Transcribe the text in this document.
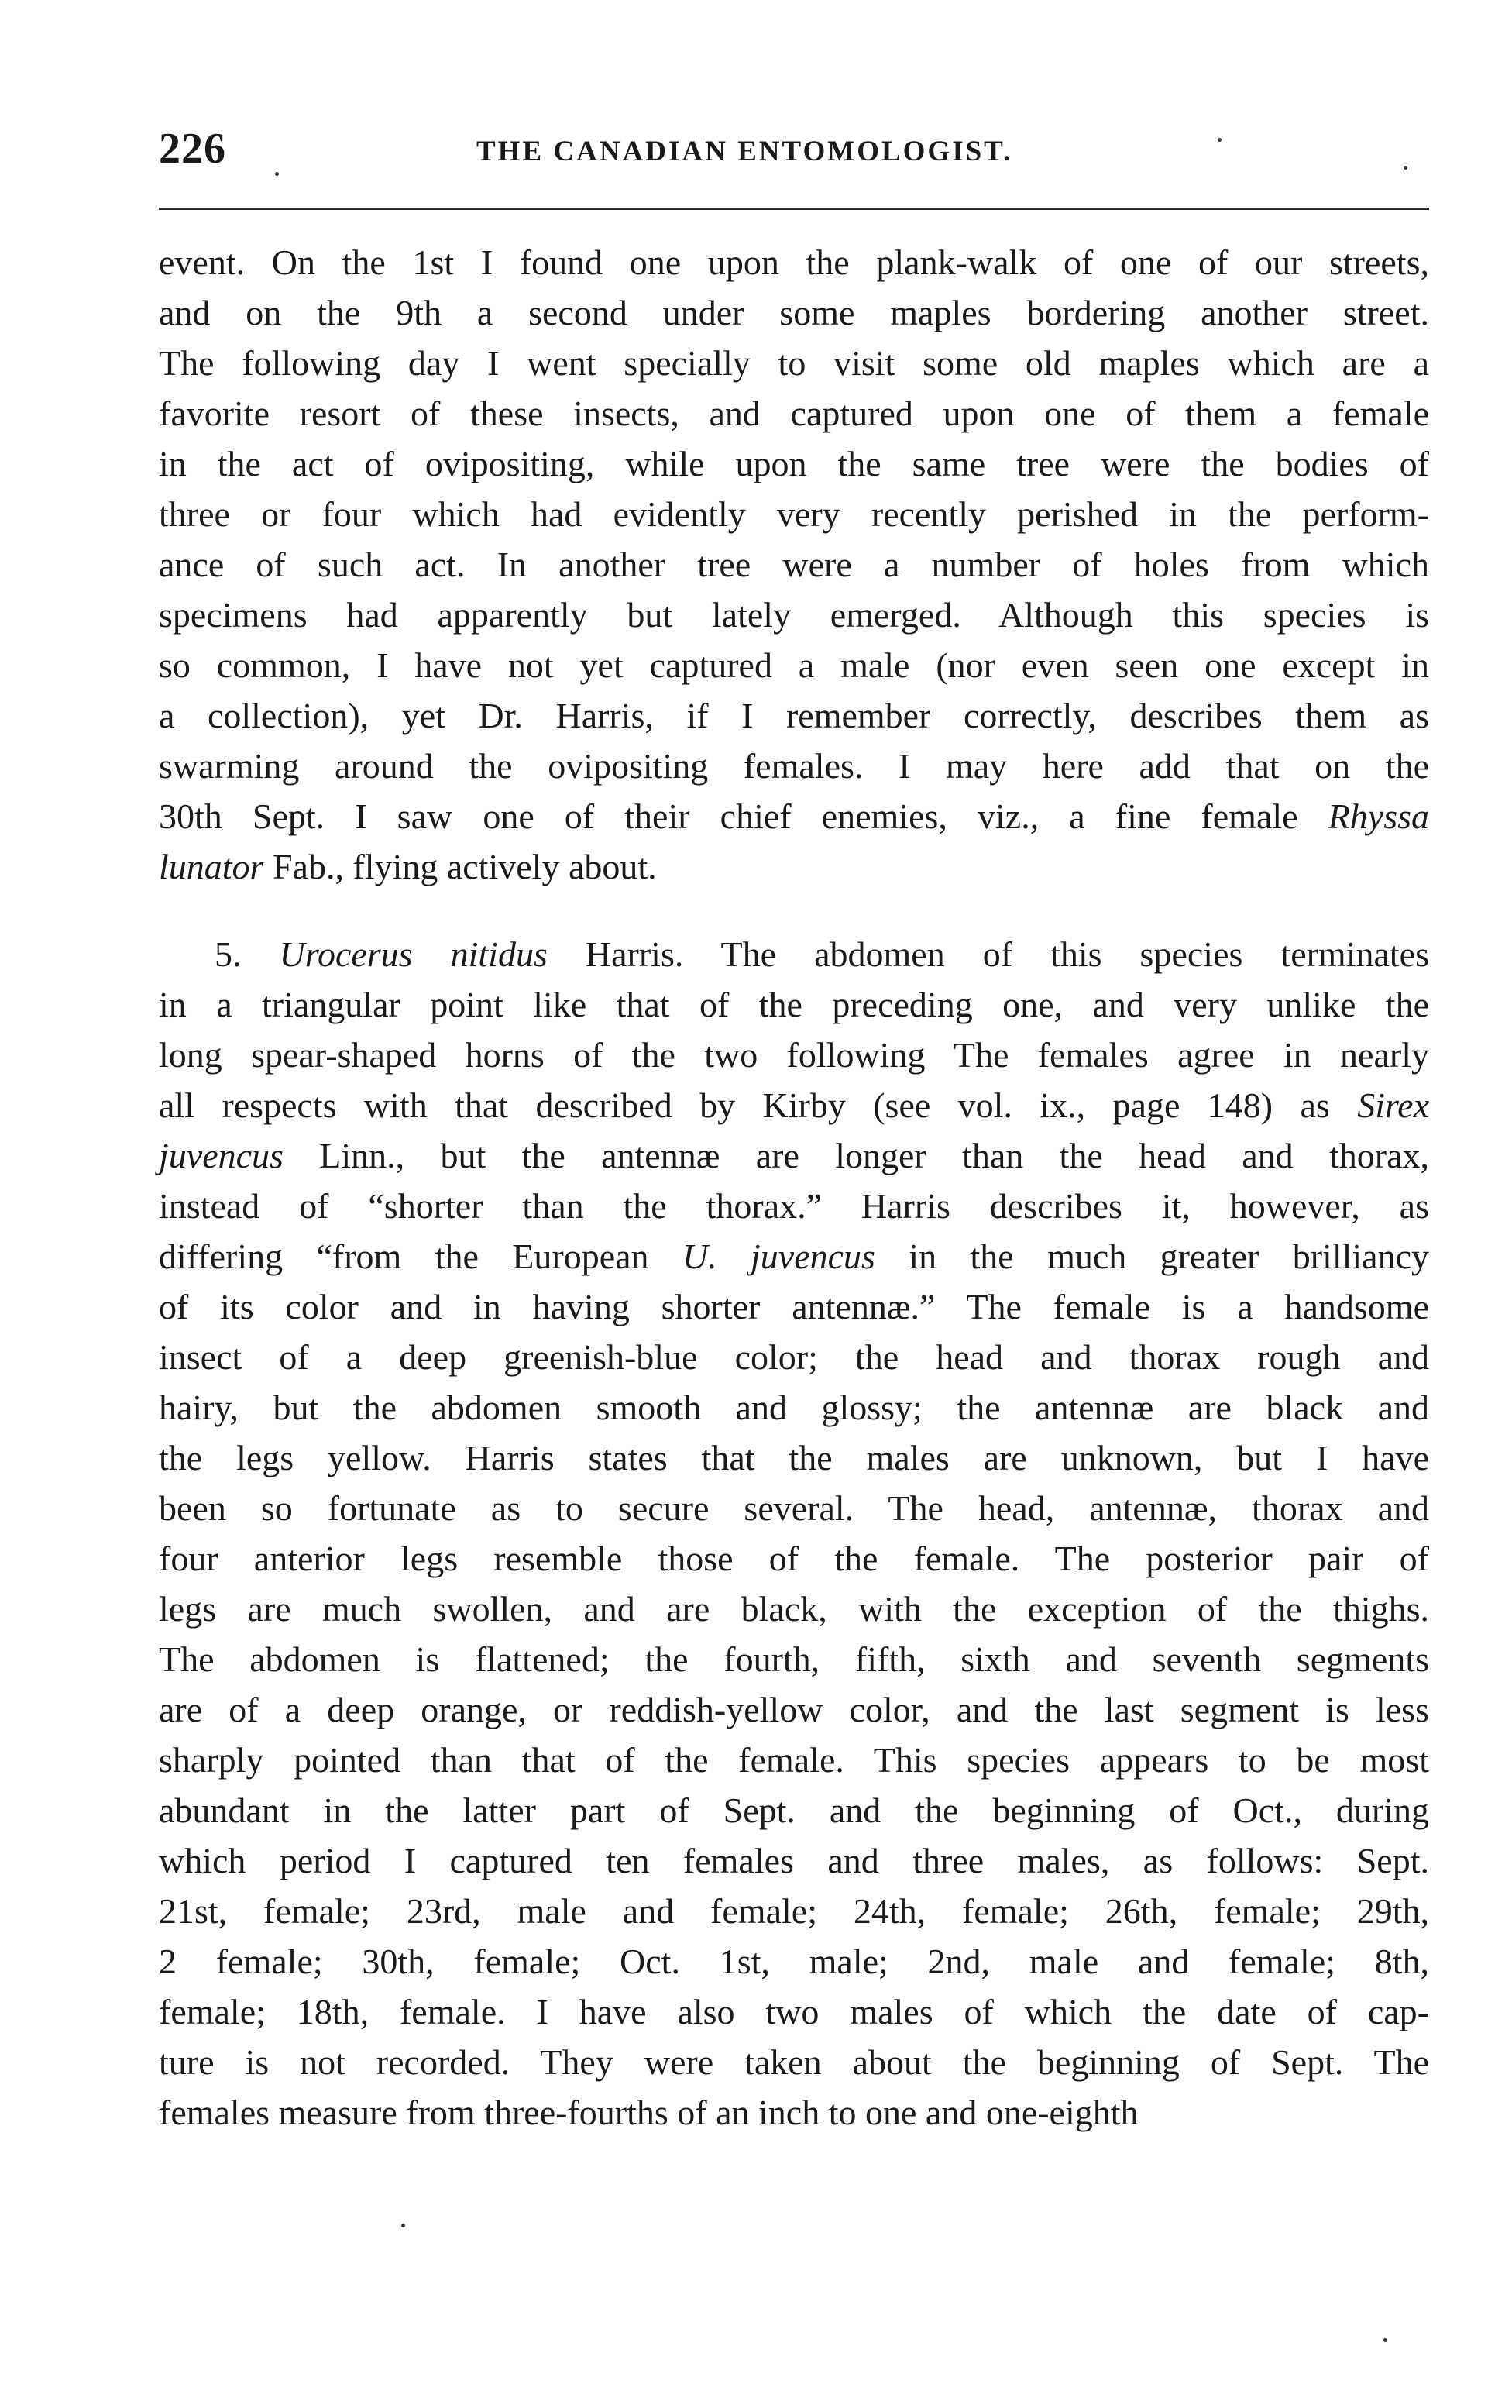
226	THE CANADIAN ENTOMOLOGIST.
event. On the 1st I found one upon the plank-walk of one of our streets,
and on the 9th a second under some maples bordering another street.
The following day I went specially to visit some old maples which are a
favorite resort of these insects, and captured upon one of them a female
in the act of ovipositing, while upon the same tree were the bodies of
three or four which had evidently very recently perished in the perform-
ance of such act. In another tree were a number of holes from which
specimens had apparently but lately emerged. Although this species is
so common, I have not yet captured a male (nor even seen one except in
a collection), yet Dr. Harris, if I remember correctly, describes them as
swarming around the ovipositing females. I may here add that on the
30th Sept. I saw one of their chief enemies, viz., a fine female Rhyssa
lunator Fab., flying actively about.
5. Urocerus nitidus Harris. The abdomen of this species terminates
in a triangular point like that of the preceding one, and very unlike the
long spear-shaped horns of the two following The females agree in nearly
all respects with that described by Kirby (see vol. ix., page 148) as Sirex
juvencus Linn., but the antennæ are longer than the head and thorax,
instead of “shorter than the thorax.” Harris describes it, however, as
differing “from the European U. juvencus in the much greater brilliancy
of its color and in having shorter antennæ.” The female is a handsome
insect of a deep greenish-blue color; the head and thorax rough and
hairy, but the abdomen smooth and glossy; the antennæ are black and
the legs yellow. Harris states that the males are unknown, but I have
been so fortunate as to secure several. The head, antennæ, thorax and
four anterior legs resemble those of the female. The posterior pair of
legs are much swollen, and are black, with the exception of the thighs.
The abdomen is flattened; the fourth, fifth, sixth and seventh segments
are of a deep orange, or reddish-yellow color, and the last segment is less
sharply pointed than that of the female. This species appears to be most
abundant in the latter part of Sept. and the beginning of Oct., during
which period I captured ten females and three males, as follows: Sept.
21st, female; 23rd, male and female; 24th, female; 26th, female; 29th,
2 female; 30th, female; Oct. 1st, male; 2nd, male and female; 8th,
female; 18th, female. I have also two males of which the date of cap-
ture is not recorded. They were taken about the beginning of Sept. The
females measure from three-fourths of an inch to one and one-eighth
